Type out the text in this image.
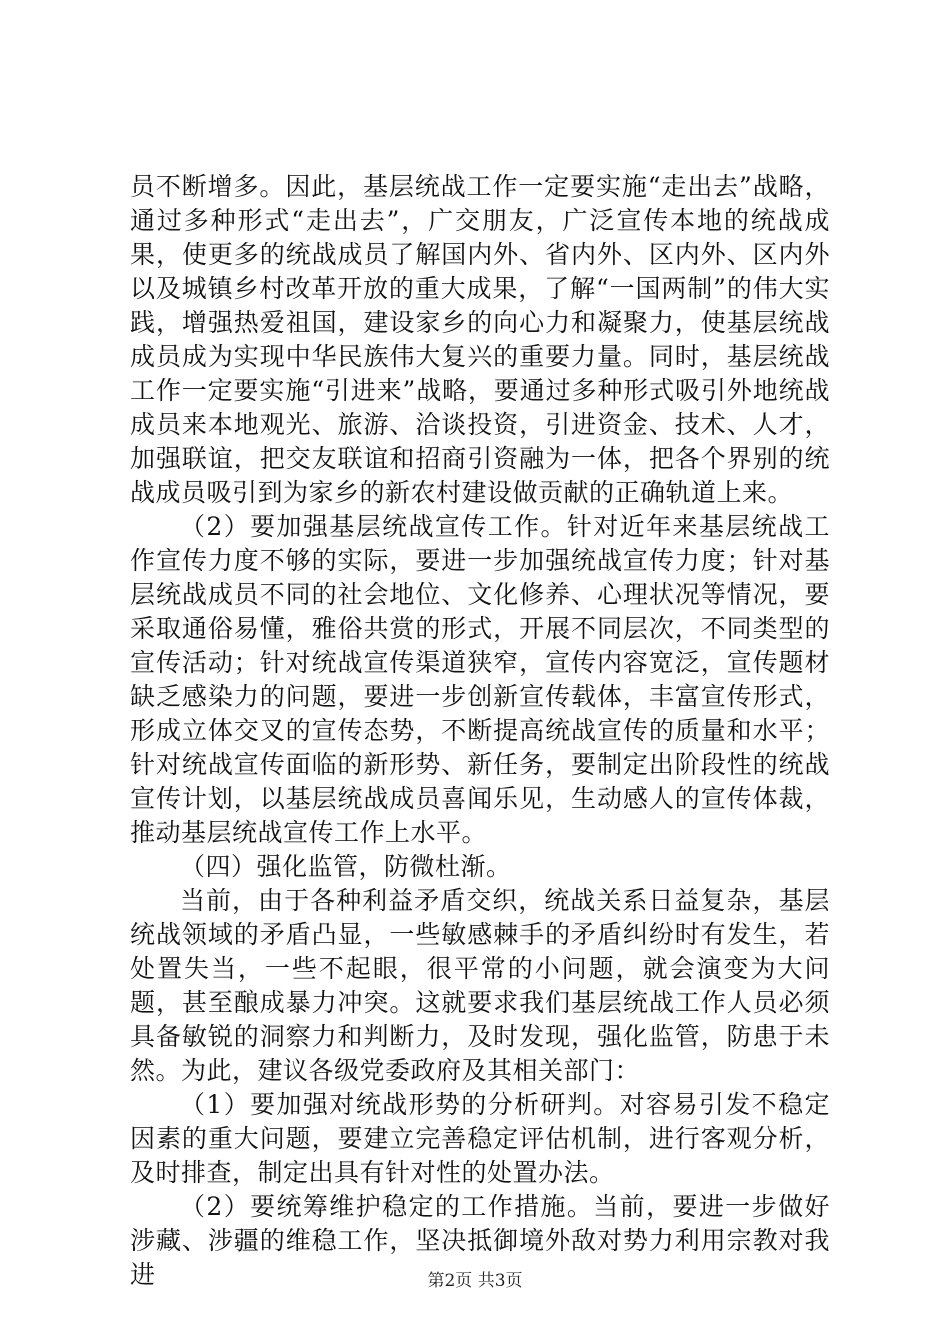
员不断增多。因此，基层统战工作一定要实施“走出去”战略，通过多种形式“走出去”，广交朋友，广泛宣传本地的统战成果，使更多的统战成员了解国内外、省内外、区内外、区内外以及城镇乡村改革开放的重大成果，了解“一国两制”的伟大实践，增强热爱祖国，建设家乡的向心力和凝聚力，使基层统战成员成为实现中华民族伟大复兴的重要力量。同时，基层统战工作一定要实施“引进来”战略，要通过多种形式吸引外地统战成员来本地观光、旅游、洽谈投资，引进资金、技术、人才，加强联谊，把交友联谊和招商引资融为一体，把各个界别的统战成员吸引到为家乡的新农村建设做贡献的正确轨道上来。

（2）要加强基层统战宣传工作。针对近年来基层统战工作宣传力度不够的实际，要进一步加强统战宣传力度；针对基层统战成员不同的社会地位、文化修养、心理状况等情况，要采取通俗易懂，雅俗共赏的形式，开展不同层次，不同类型的宣传活动；针对统战宣传渠道狭窄，宣传内容宽泛，宣传题材缺乏感染力的问题，要进一步创新宣传载体，丰富宣传形式，形成立体交叉的宣传态势，不断提高统战宣传的质量和水平；针对统战宣传面临的新形势、新任务，要制定出阶段性的统战宣传计划，以基层统战成员喜闻乐见，生动感人的宣传体裁，推动基层统战宣传工作上水平。

（四）强化监管，防微杜渐。

当前，由于各种利益矛盾交织，统战关系日益复杂，基层统战领域的矛盾凸显，一些敏感棘手的矛盾纠纷时有发生，若处置失当，一些不起眼，很平常的小问题，就会演变为大问题，甚至酿成暴力冲突。这就要求我们基层统战工作人员必须具备敏锐的洞察力和判断力，及时发现，强化监管，防患于未然。为此，建议各级党委政府及其相关部门：

（1）要加强对统战形势的分析研判。对容易引发不稳定因素的重大问题，要建立完善稳定评估机制，进行客观分析，及时排查，制定出具有针对性的处置办法。

（2）要统筹维护稳定的工作措施。当前，要进一步做好涉藏、涉疆的维稳工作，坚决抵御境外敌对势力利用宗教对我进	第2页 共3页
